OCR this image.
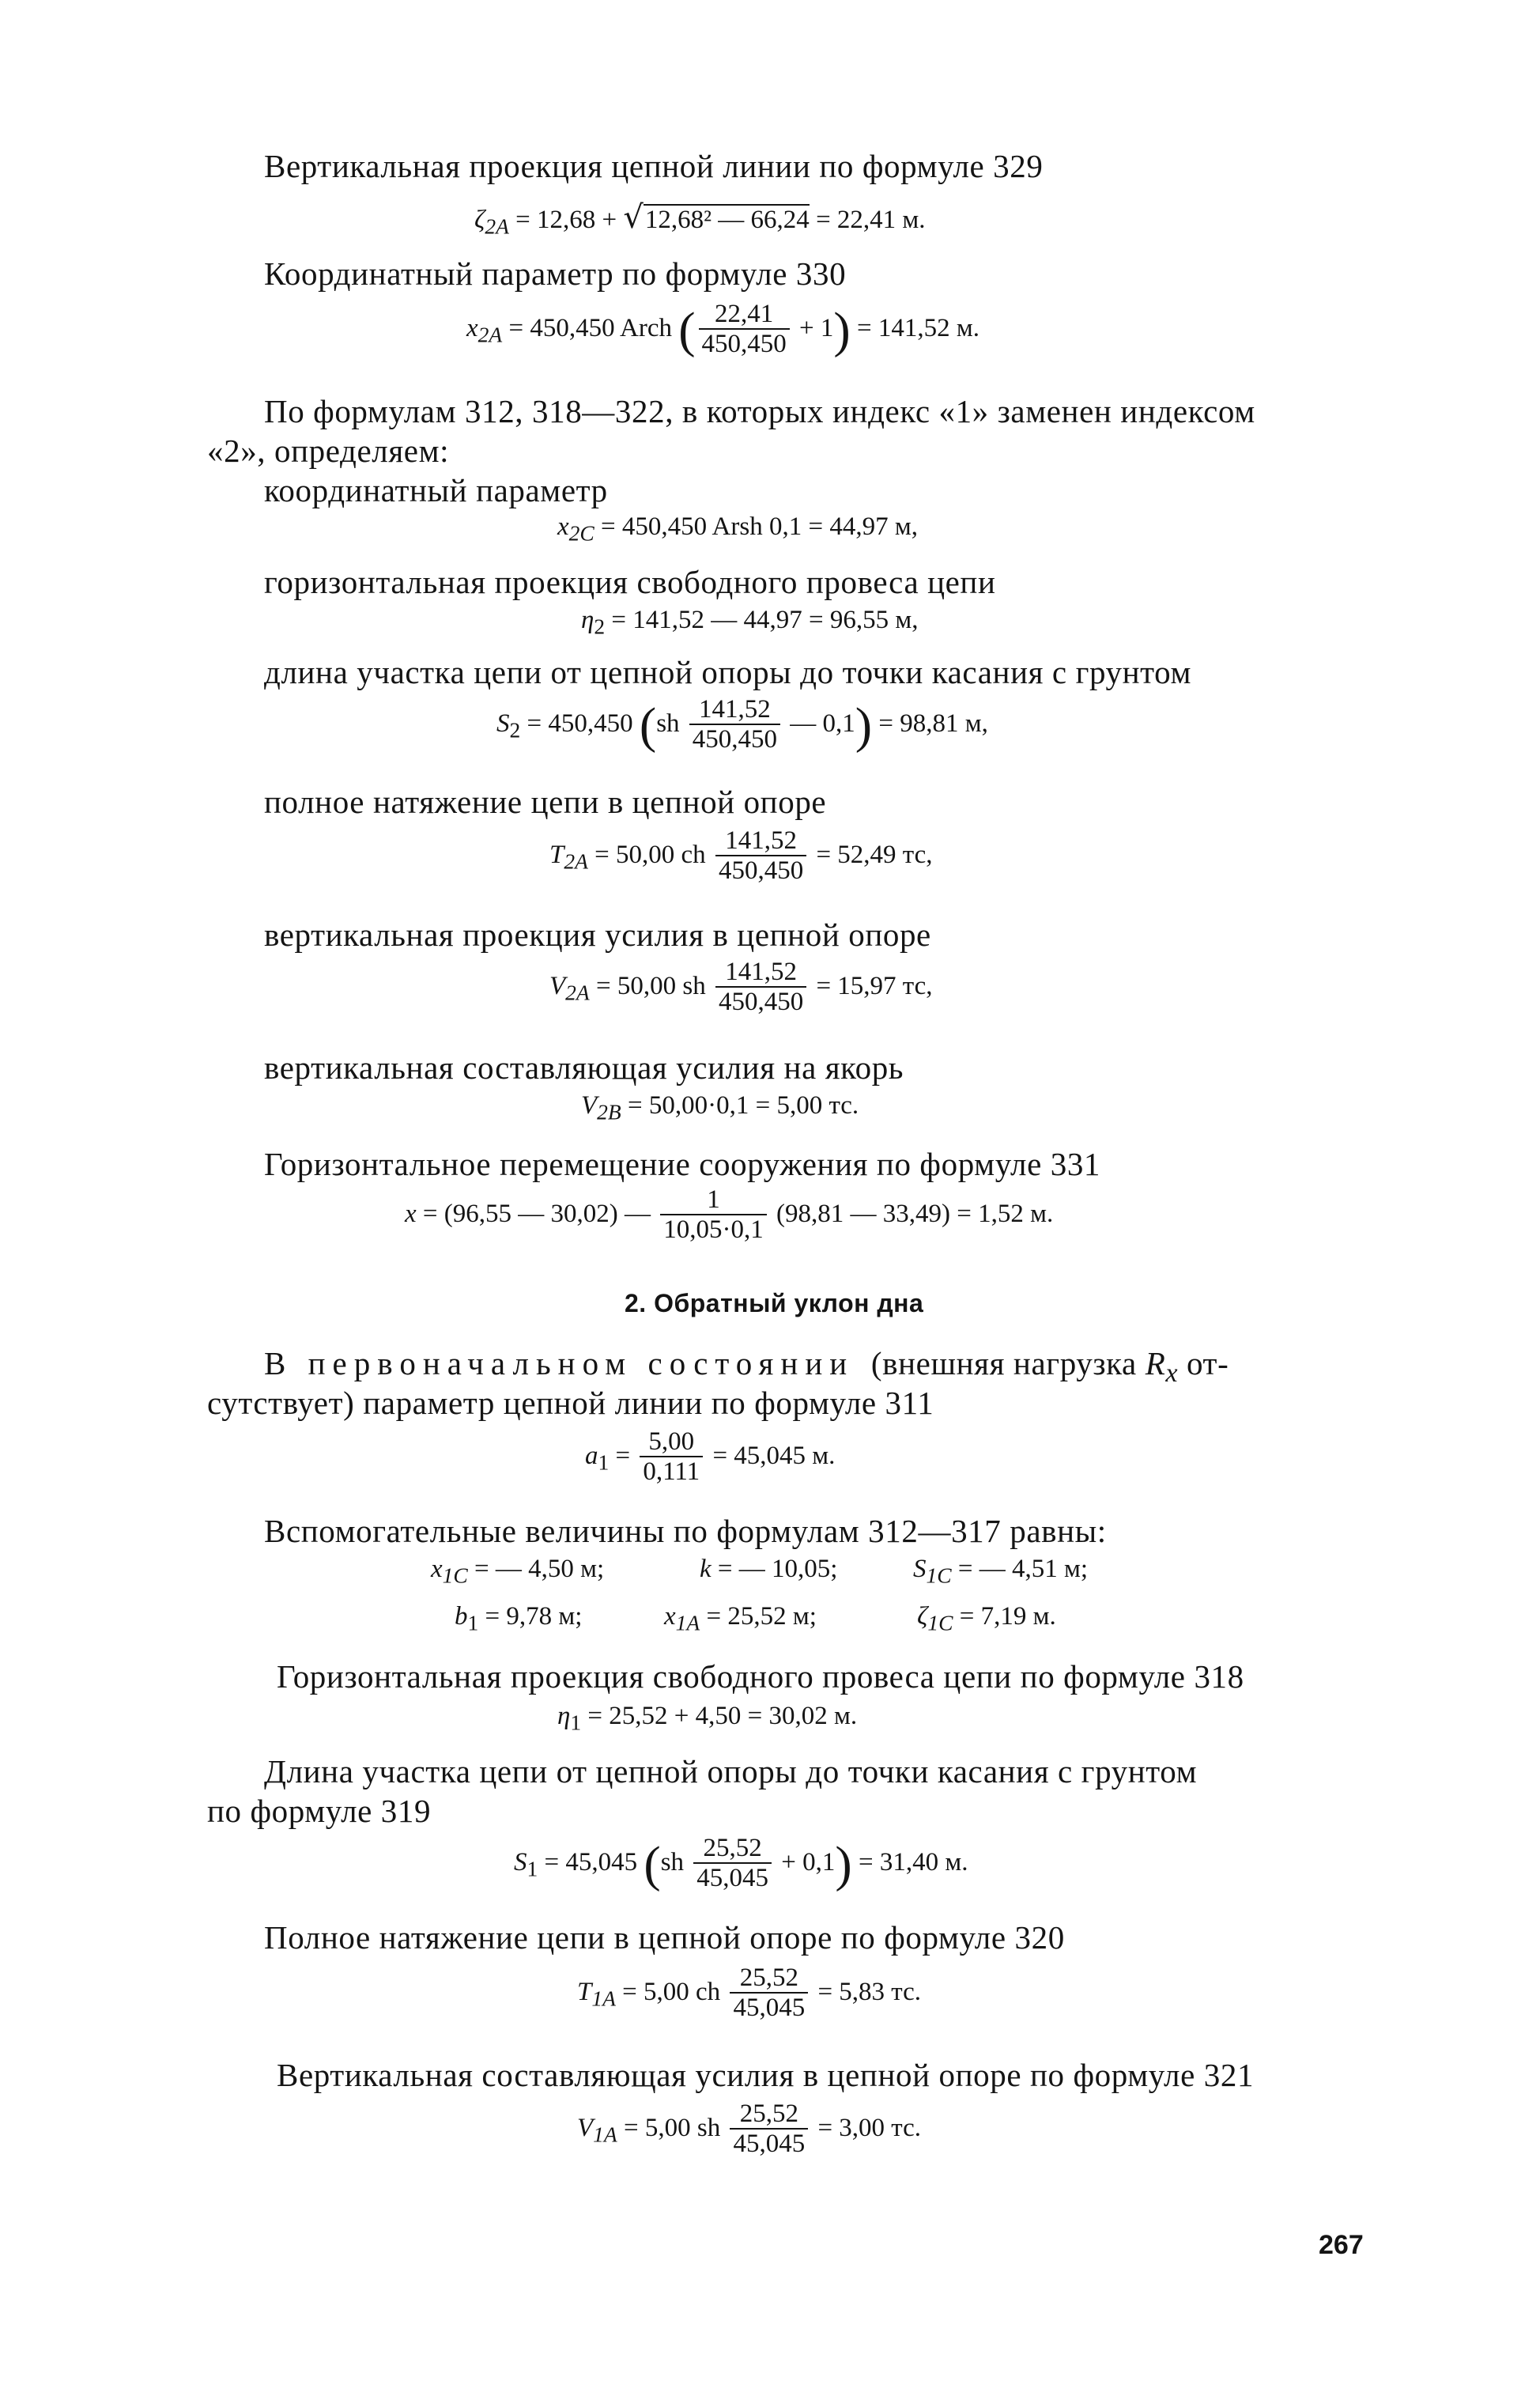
Вертикальная проекция цепной линии по формуле 329
$\zeta_{2A} = 12,68 + √12,68^2$ — 66,24 = 22,41 м.
Координатный параметр по формуле 330
$x_{2A} = 450,450$ Arch ( $\frac{22,41}{450,450} + 1) = 141,52$ м.
По формулам 312, 318—322, в которых индекс «1» заменен индексом
«2», определяем:
координатный параметр
$x_{2C} = 450,450$ Arsh 0,1 = 44,97 м,
горизонтальная проекция свободного провеса цепи
$\eta_2 = 141,52$ — 44,97 = 96,55 м,
длина участка цепи от цепной опоры до точки касания с грунтом
$S_2 = 450,450$ ($sh \frac{141,52}{450,450}$ — 0,1) = 98,81 м,
полное натяжение цепи в цепной опоре
$T_{2A} = 50,00$ ch $\frac{141,52}{450,450} = 52,49$ тс,
вертикальная проекция усилия в цепной опоре
$V_{2A} = 50,00$ sh $\frac{141,52}{450,450} = 15,97$ тс,
вертикальная составляющая усилия на якорь
$V_{2B} = 50,00\cdot 0,1 = 5,00$ тс.
Горизонтальное перемещение сооружения по формуле 331
x = (96,55 — 30,02) — $\frac{1}{10,05\cdot 0,1} (98,81$ — 33,49) = 1,52 м.
2. Обратный уклон дна
В первоначальном состоянии (внешняя нагрузка $R_x$ от-
сутствует) параметр цепной линии по формуле 311
$a_1 = \frac{5,00}{0,111} = 45,045$ м.
Вспомогательные величины по формулам 312—317 равны:
$x_{1C}$ = — 4,50 м;	k = — 10,05;	$S_{1C}$ = — 4,51 м;
$b_1 = 9,78$ м;	$x_{1A} = 25,52$ м;	$\zeta_{1C} = 7,19$ м.
Горизонтальная проекция свободного провеса цепи по формуле 318
$\eta_1 = 25,52 + 4,50 = 30,02$ м.
Длина участка цепи от цепной опоры до точки касания с грунтом
по формуле 319
$S_1 = 45,045$ $(sh \frac{25,52}{45,045} + 0,1) = 31,40$ м.
Полное натяжение цепи в цепной опоре по формуле 320
$T_{1A} = 5,00$ ch $\frac{25,52}{45,045} = 5,83$ тс.
Вертикальная составляющая усилия в цепной опоре по формуле 321
$V_{1A} = 5,00$ sh $\frac{25,52}{45,045} = 3,00$ тс.
267
